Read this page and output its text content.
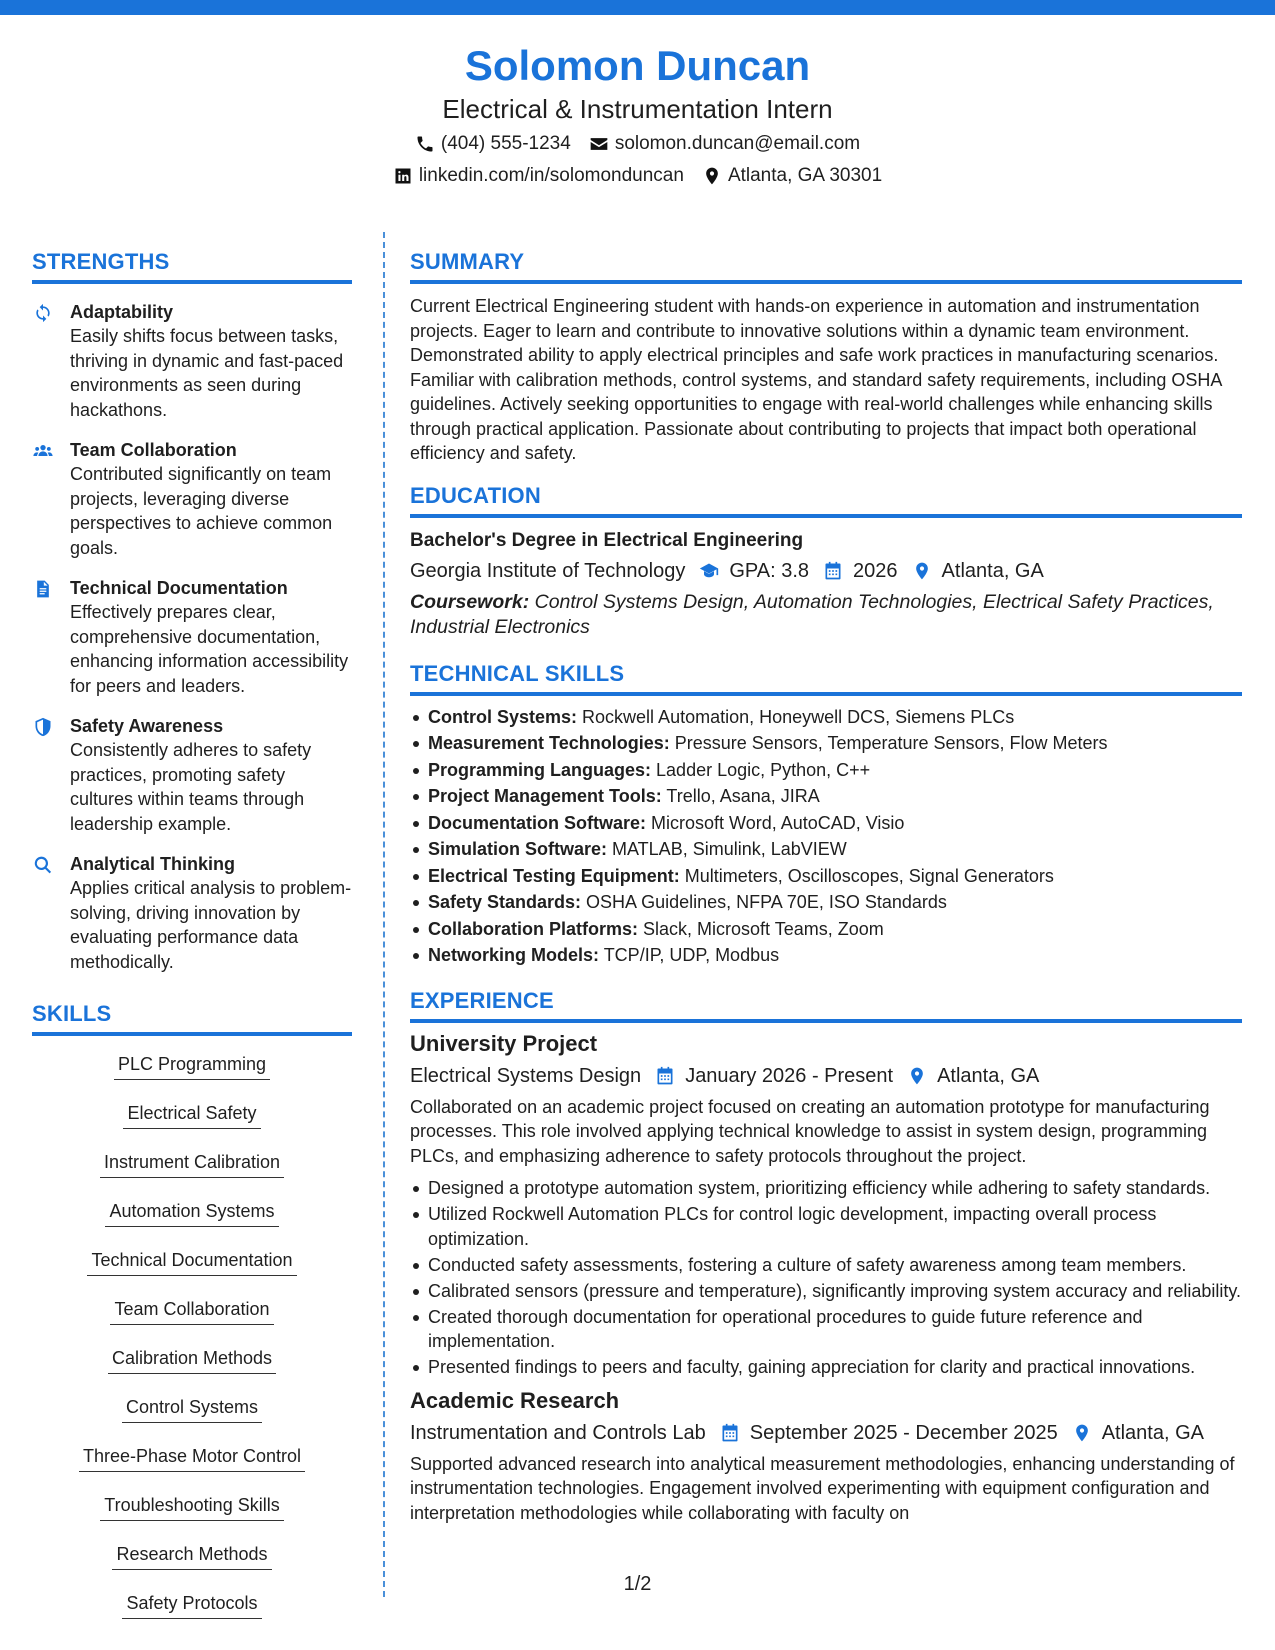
Solomon Duncan
Electrical & Instrumentation Intern
(404) 555-1234 solomon.duncan@email.com
linkedin.com/in/solomonduncan Atlanta, GA 30301
STRENGTHS
Adaptability
Easily shifts focus between tasks, thriving in dynamic and fast-paced environments as seen during hackathons.
Team Collaboration
Contributed significantly on team projects, leveraging diverse perspectives to achieve common goals.
Technical Documentation
Effectively prepares clear, comprehensive documentation, enhancing information accessibility for peers and leaders.
Safety Awareness
Consistently adheres to safety practices, promoting safety cultures within teams through leadership example.
Analytical Thinking
Applies critical analysis to problem-solving, driving innovation by evaluating performance data methodically.
SKILLS
PLC Programming
Electrical Safety
Instrument Calibration
Automation Systems
Technical Documentation
Team Collaboration
Calibration Methods
Control Systems
Three-Phase Motor Control
Troubleshooting Skills
Research Methods
Safety Protocols
SUMMARY
Current Electrical Engineering student with hands-on experience in automation and instrumentation projects. Eager to learn and contribute to innovative solutions within a dynamic team environment. Demonstrated ability to apply electrical principles and safe work practices in manufacturing scenarios. Familiar with calibration methods, control systems, and standard safety requirements, including OSHA guidelines. Actively seeking opportunities to engage with real-world challenges while enhancing skills through practical application. Passionate about contributing to projects that impact both operational efficiency and safety.
EDUCATION
Bachelor's Degree in Electrical Engineering
Georgia Institute of Technology GPA: 3.8 2026 Atlanta, GA
Coursework: Control Systems Design, Automation Technologies, Electrical Safety Practices, Industrial Electronics
TECHNICAL SKILLS
Control Systems: Rockwell Automation, Honeywell DCS, Siemens PLCs
Measurement Technologies: Pressure Sensors, Temperature Sensors, Flow Meters
Programming Languages: Ladder Logic, Python, C++
Project Management Tools: Trello, Asana, JIRA
Documentation Software: Microsoft Word, AutoCAD, Visio
Simulation Software: MATLAB, Simulink, LabVIEW
Electrical Testing Equipment: Multimeters, Oscilloscopes, Signal Generators
Safety Standards: OSHA Guidelines, NFPA 70E, ISO Standards
Collaboration Platforms: Slack, Microsoft Teams, Zoom
Networking Models: TCP/IP, UDP, Modbus
EXPERIENCE
University Project
Electrical Systems Design January 2026 - Present Atlanta, GA
Collaborated on an academic project focused on creating an automation prototype for manufacturing processes. This role involved applying technical knowledge to assist in system design, programming PLCs, and emphasizing adherence to safety protocols throughout the project.
Designed a prototype automation system, prioritizing efficiency while adhering to safety standards.
Utilized Rockwell Automation PLCs for control logic development, impacting overall process optimization.
Conducted safety assessments, fostering a culture of safety awareness among team members.
Calibrated sensors (pressure and temperature), significantly improving system accuracy and reliability.
Created thorough documentation for operational procedures to guide future reference and implementation.
Presented findings to peers and faculty, gaining appreciation for clarity and practical innovations.
Academic Research
Instrumentation and Controls Lab September 2025 - December 2025 Atlanta, GA
Supported advanced research into analytical measurement methodologies, enhancing understanding of instrumentation technologies. Engagement involved experimenting with equipment configuration and interpretation methodologies while collaborating with faculty on
1/2
